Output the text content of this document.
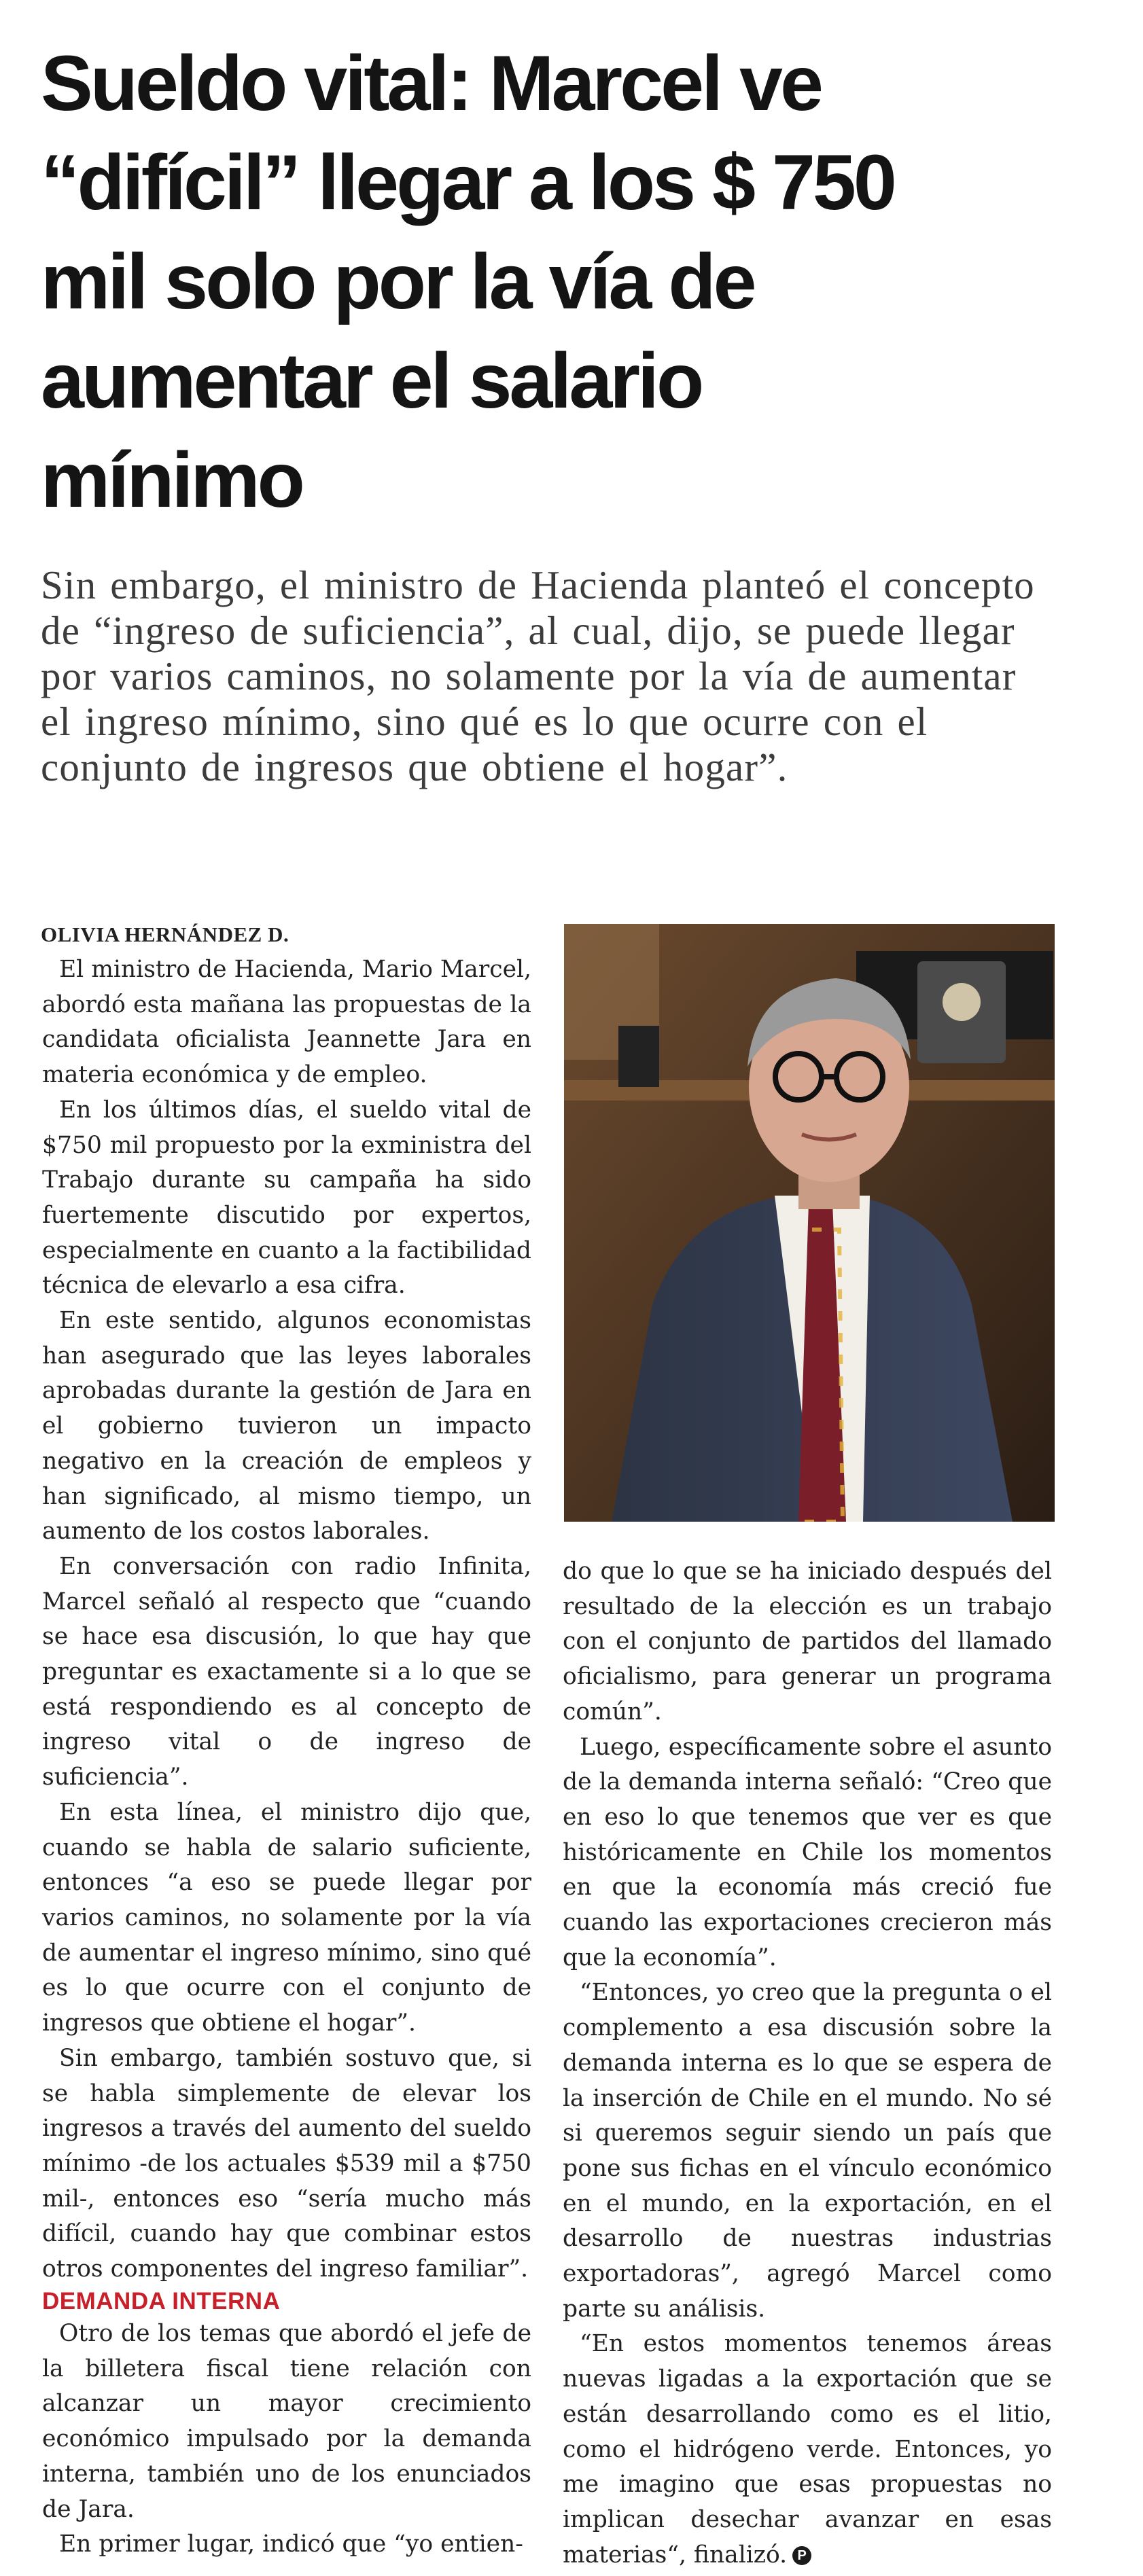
Sueldo vital: Marcel ve “difícil” llegar a los $ 750 mil solo por la vía de aumentar el salario mínimo

Sin embargo, el ministro de Hacienda planteó el concepto de “ingreso de suficiencia”, al cual, dijo, se puede llegar por varios caminos, no solamente por la vía de aumentar el ingreso mínimo, sino qué es lo que ocurre con el conjunto de ingresos que obtiene el hogar”.

OLIVIA HERNÁNDEZ D.

El ministro de Hacienda, Mario Marcel, abordó esta mañana las propuestas de la candidata oficialista Jeannette Jara en materia económica y de empleo.

En los últimos días, el sueldo vital de $750 mil propuesto por la exministra del Trabajo durante su campaña ha sido fuertemente discutido por expertos, especialmente en cuanto a la factibilidad técnica de elevarlo a esa cifra.

En este sentido, algunos economistas han asegurado que las leyes laborales aprobadas durante la gestión de Jara en el gobierno tuvieron un impacto negativo en la creación de empleos y han significado, al mismo tiempo, un aumento de los costos laborales.

En conversación con radio Infinita, Marcel señaló al respecto que “cuando se hace esa discusión, lo que hay que preguntar es exactamente si a lo que se está respondiendo es al concepto de ingreso vital o de ingreso de suficiencia”.

En esta línea, el ministro dijo que, cuando se habla de salario suficiente, entonces “a eso se puede llegar por varios caminos, no solamente por la vía de aumentar el ingreso mínimo, sino qué es lo que ocurre con el conjunto de ingresos que obtiene el hogar”.

Sin embargo, también sostuvo que, si se habla simplemente de elevar los ingresos a través del aumento del sueldo mínimo -de los actuales $539 mil a $750 mil-, entonces eso “sería mucho más difícil, cuando hay que combinar estos otros componentes del ingreso familiar”.

DEMANDA INTERNA

Otro de los temas que abordó el jefe de la billetera fiscal tiene relación con alcanzar un mayor crecimiento económico impulsado por la demanda interna, también uno de los enunciados de Jara.

En primer lugar, indicó que “yo entien-

do que lo que se ha iniciado después del resultado de la elección es un trabajo con el conjunto de partidos del llamado oficialismo, para generar un programa común”.

Luego, específicamente sobre el asunto de la demanda interna señaló: “Creo que en eso lo que tenemos que ver es que históricamente en Chile los momentos en que la economía más creció fue cuando las exportaciones crecieron más que la economía”.

“Entonces, yo creo que la pregunta o el complemento a esa discusión sobre la demanda interna es lo que se espera de la inserción de Chile en el mundo. No sé si queremos seguir siendo un país que pone sus fichas en el vínculo económico en el mundo, en la exportación, en el desarrollo de nuestras industrias exportadoras”, agregó Marcel como parte su análisis.

“En estos momentos tenemos áreas nuevas ligadas a la exportación que se están desarrollando como es el litio, como el hidrógeno verde. Entonces, yo me imagino que esas propuestas no implican desechar avanzar en esas materias“, finalizó. P
